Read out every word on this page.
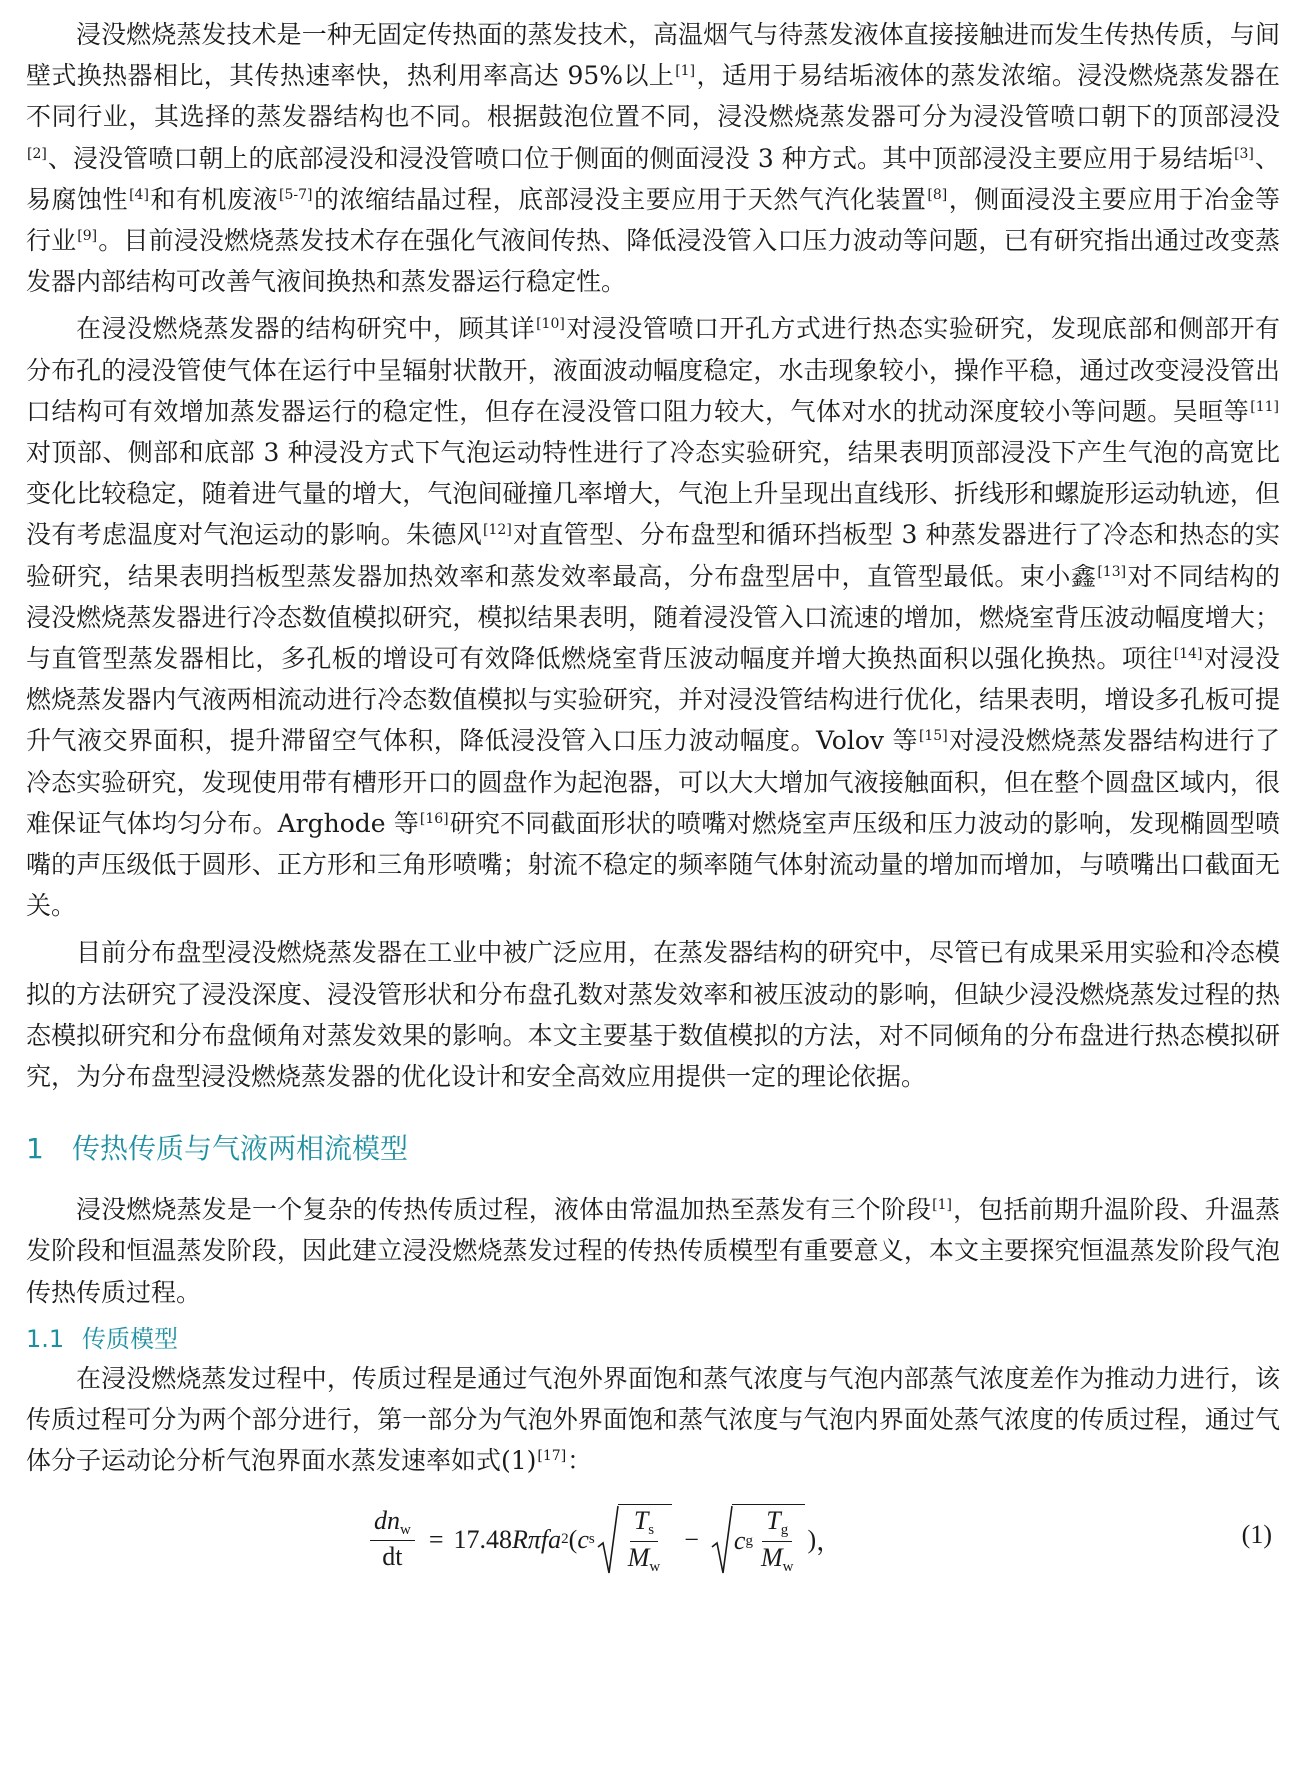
浸没燃烧蒸发技术是一种无固定传热面的蒸发技术，高温烟气与待蒸发液体直接接触进而发生传热传质，与间壁式换热器相比，其传热速率快，热利用率高达 95%以上[1]，适用于易结垢液体的蒸发浓缩。浸没燃烧蒸发器在不同行业，其选择的蒸发器结构也不同。根据鼓泡位置不同，浸没燃烧蒸发器可分为浸没管喷口朝下的顶部浸没[2]、浸没管喷口朝上的底部浸没和浸没管喷口位于侧面的侧面浸没 3 种方式。其中顶部浸没主要应用于易结垢[3]、易腐蚀性[4]和有机废液[5-7]的浓缩结晶过程，底部浸没主要应用于天然气汽化装置[8]，侧面浸没主要应用于冶金等行业[9]。目前浸没燃烧蒸发技术存在强化气液间传热、降低浸没管入口压力波动等问题，已有研究指出通过改变蒸发器内部结构可改善气液间换热和蒸发器运行稳定性。

在浸没燃烧蒸发器的结构研究中，顾其详[10]对浸没管喷口开孔方式进行热态实验研究，发现底部和侧部开有分布孔的浸没管使气体在运行中呈辐射状散开，液面波动幅度稳定，水击现象较小，操作平稳，通过改变浸没管出口结构可有效增加蒸发器运行的稳定性，但存在浸没管口阻力较大，气体对水的扰动深度较小等问题。吴晅等[11]对顶部、侧部和底部 3 种浸没方式下气泡运动特性进行了冷态实验研究，结果表明顶部浸没下产生气泡的高宽比变化比较稳定，随着进气量的增大，气泡间碰撞几率增大，气泡上升呈现出直线形、折线形和螺旋形运动轨迹，但没有考虑温度对气泡运动的影响。朱德风[12]对直管型、分布盘型和循环挡板型 3 种蒸发器进行了冷态和热态的实验研究，结果表明挡板型蒸发器加热效率和蒸发效率最高，分布盘型居中，直管型最低。束小鑫[13]对不同结构的浸没燃烧蒸发器进行冷态数值模拟研究，模拟结果表明，随着浸没管入口流速的增加，燃烧室背压波动幅度增大；与直管型蒸发器相比，多孔板的增设可有效降低燃烧室背压波动幅度并增大换热面积以强化换热。项往[14]对浸没燃烧蒸发器内气液两相流动进行冷态数值模拟与实验研究，并对浸没管结构进行优化，结果表明，增设多孔板可提升气液交界面积，提升滞留空气体积，降低浸没管入口压力波动幅度。Volov 等[15]对浸没燃烧蒸发器结构进行了冷态实验研究，发现使用带有槽形开口的圆盘作为起泡器，可以大大增加气液接触面积，但在整个圆盘区域内，很难保证气体均匀分布。Arghode 等[16]研究不同截面形状的喷嘴对燃烧室声压级和压力波动的影响，发现椭圆型喷嘴的声压级低于圆形、正方形和三角形喷嘴；射流不稳定的频率随气体射流动量的增加而增加，与喷嘴出口截面无关。

目前分布盘型浸没燃烧蒸发器在工业中被广泛应用，在蒸发器结构的研究中，尽管已有成果采用实验和冷态模拟的方法研究了浸没深度、浸没管形状和分布盘孔数对蒸发效率和被压波动的影响，但缺少浸没燃烧蒸发过程的热态模拟研究和分布盘倾角对蒸发效果的影响。本文主要基于数值模拟的方法，对不同倾角的分布盘进行热态模拟研究，为分布盘型浸没燃烧蒸发器的优化设计和安全高效应用提供一定的理论依据。

1 传热传质与气液两相流模型

浸没燃烧蒸发是一个复杂的传热传质过程，液体由常温加热至蒸发有三个阶段[1]，包括前期升温阶段、升温蒸发阶段和恒温蒸发阶段，因此建立浸没燃烧蒸发过程的传热传质模型有重要意义，本文主要探究恒温蒸发阶段气泡传热传质过程。

1.1 传质模型

在浸没燃烧蒸发过程中，传质过程是通过气泡外界面饱和蒸气浓度与气泡内部蒸气浓度差作为推动力进行，该传质过程可分为两个部分进行，第一部分为气泡外界面饱和蒸气浓度与气泡内界面处蒸气浓度的传质过程，通过气体分子运动论分析气泡界面水蒸发速率如式(1)[17]：

$\frac{dn_w}{dt} = 17.48$ Rπfa 2 ( c s $\frac{T_s}{M_w} - c$ g $\frac{T_g}{M_w}$ ) ，	(1)
